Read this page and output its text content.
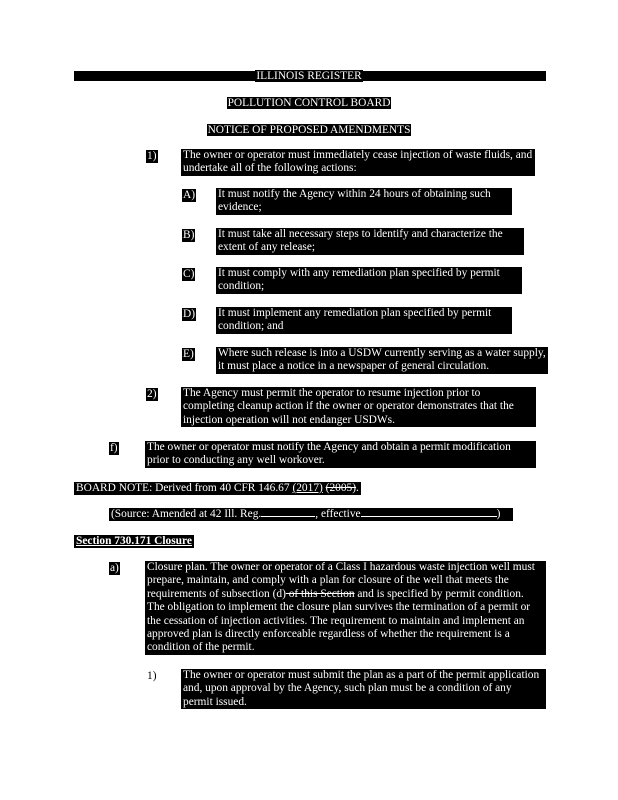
ILLINOIS REGISTER
POLLUTION CONTROL BOARD
NOTICE OF PROPOSED AMENDMENTS
1) The owner or operator must immediately cease injection of waste fluids, and undertake all of the following actions:
A) It must notify the Agency within 24 hours of obtaining such evidence;
B) It must take all necessary steps to identify and characterize the extent of any release;
C) It must comply with any remediation plan specified by permit condition;
D) It must implement any remediation plan specified by permit condition; and
E) Where such release is into a USDW currently serving as a water supply, it must place a notice in a newspaper of general circulation.
2) The Agency must permit the operator to resume injection prior to completing cleanup action if the owner or operator demonstrates that the injection operation will not endanger USDWs.
f)	The owner or operator must notify the Agency and obtain a permit modification prior to conducting any well workover.
BOARD NOTE: Derived from 40 CFR 146.67 (2017) (2005).
(Source: Amended at 42 Ill. Reg.	, effective	)
Section 730.171 Closure
a) Closure plan. The owner or operator of a Class I hazardous waste injection well must prepare, maintain, and comply with a plan for closure of the well that meets the requirements of subsection (d) of this Section and is specified by permit condition. The obligation to implement the closure plan survives the termination of a permit or the cessation of injection activities. The requirement to maintain and implement an approved plan is directly enforceable regardless of whether the requirement is a condition of the permit.
1) The owner or operator must submit the plan as a part of the permit application and, upon approval by the Agency, such plan must be a condition of any permit issued.
